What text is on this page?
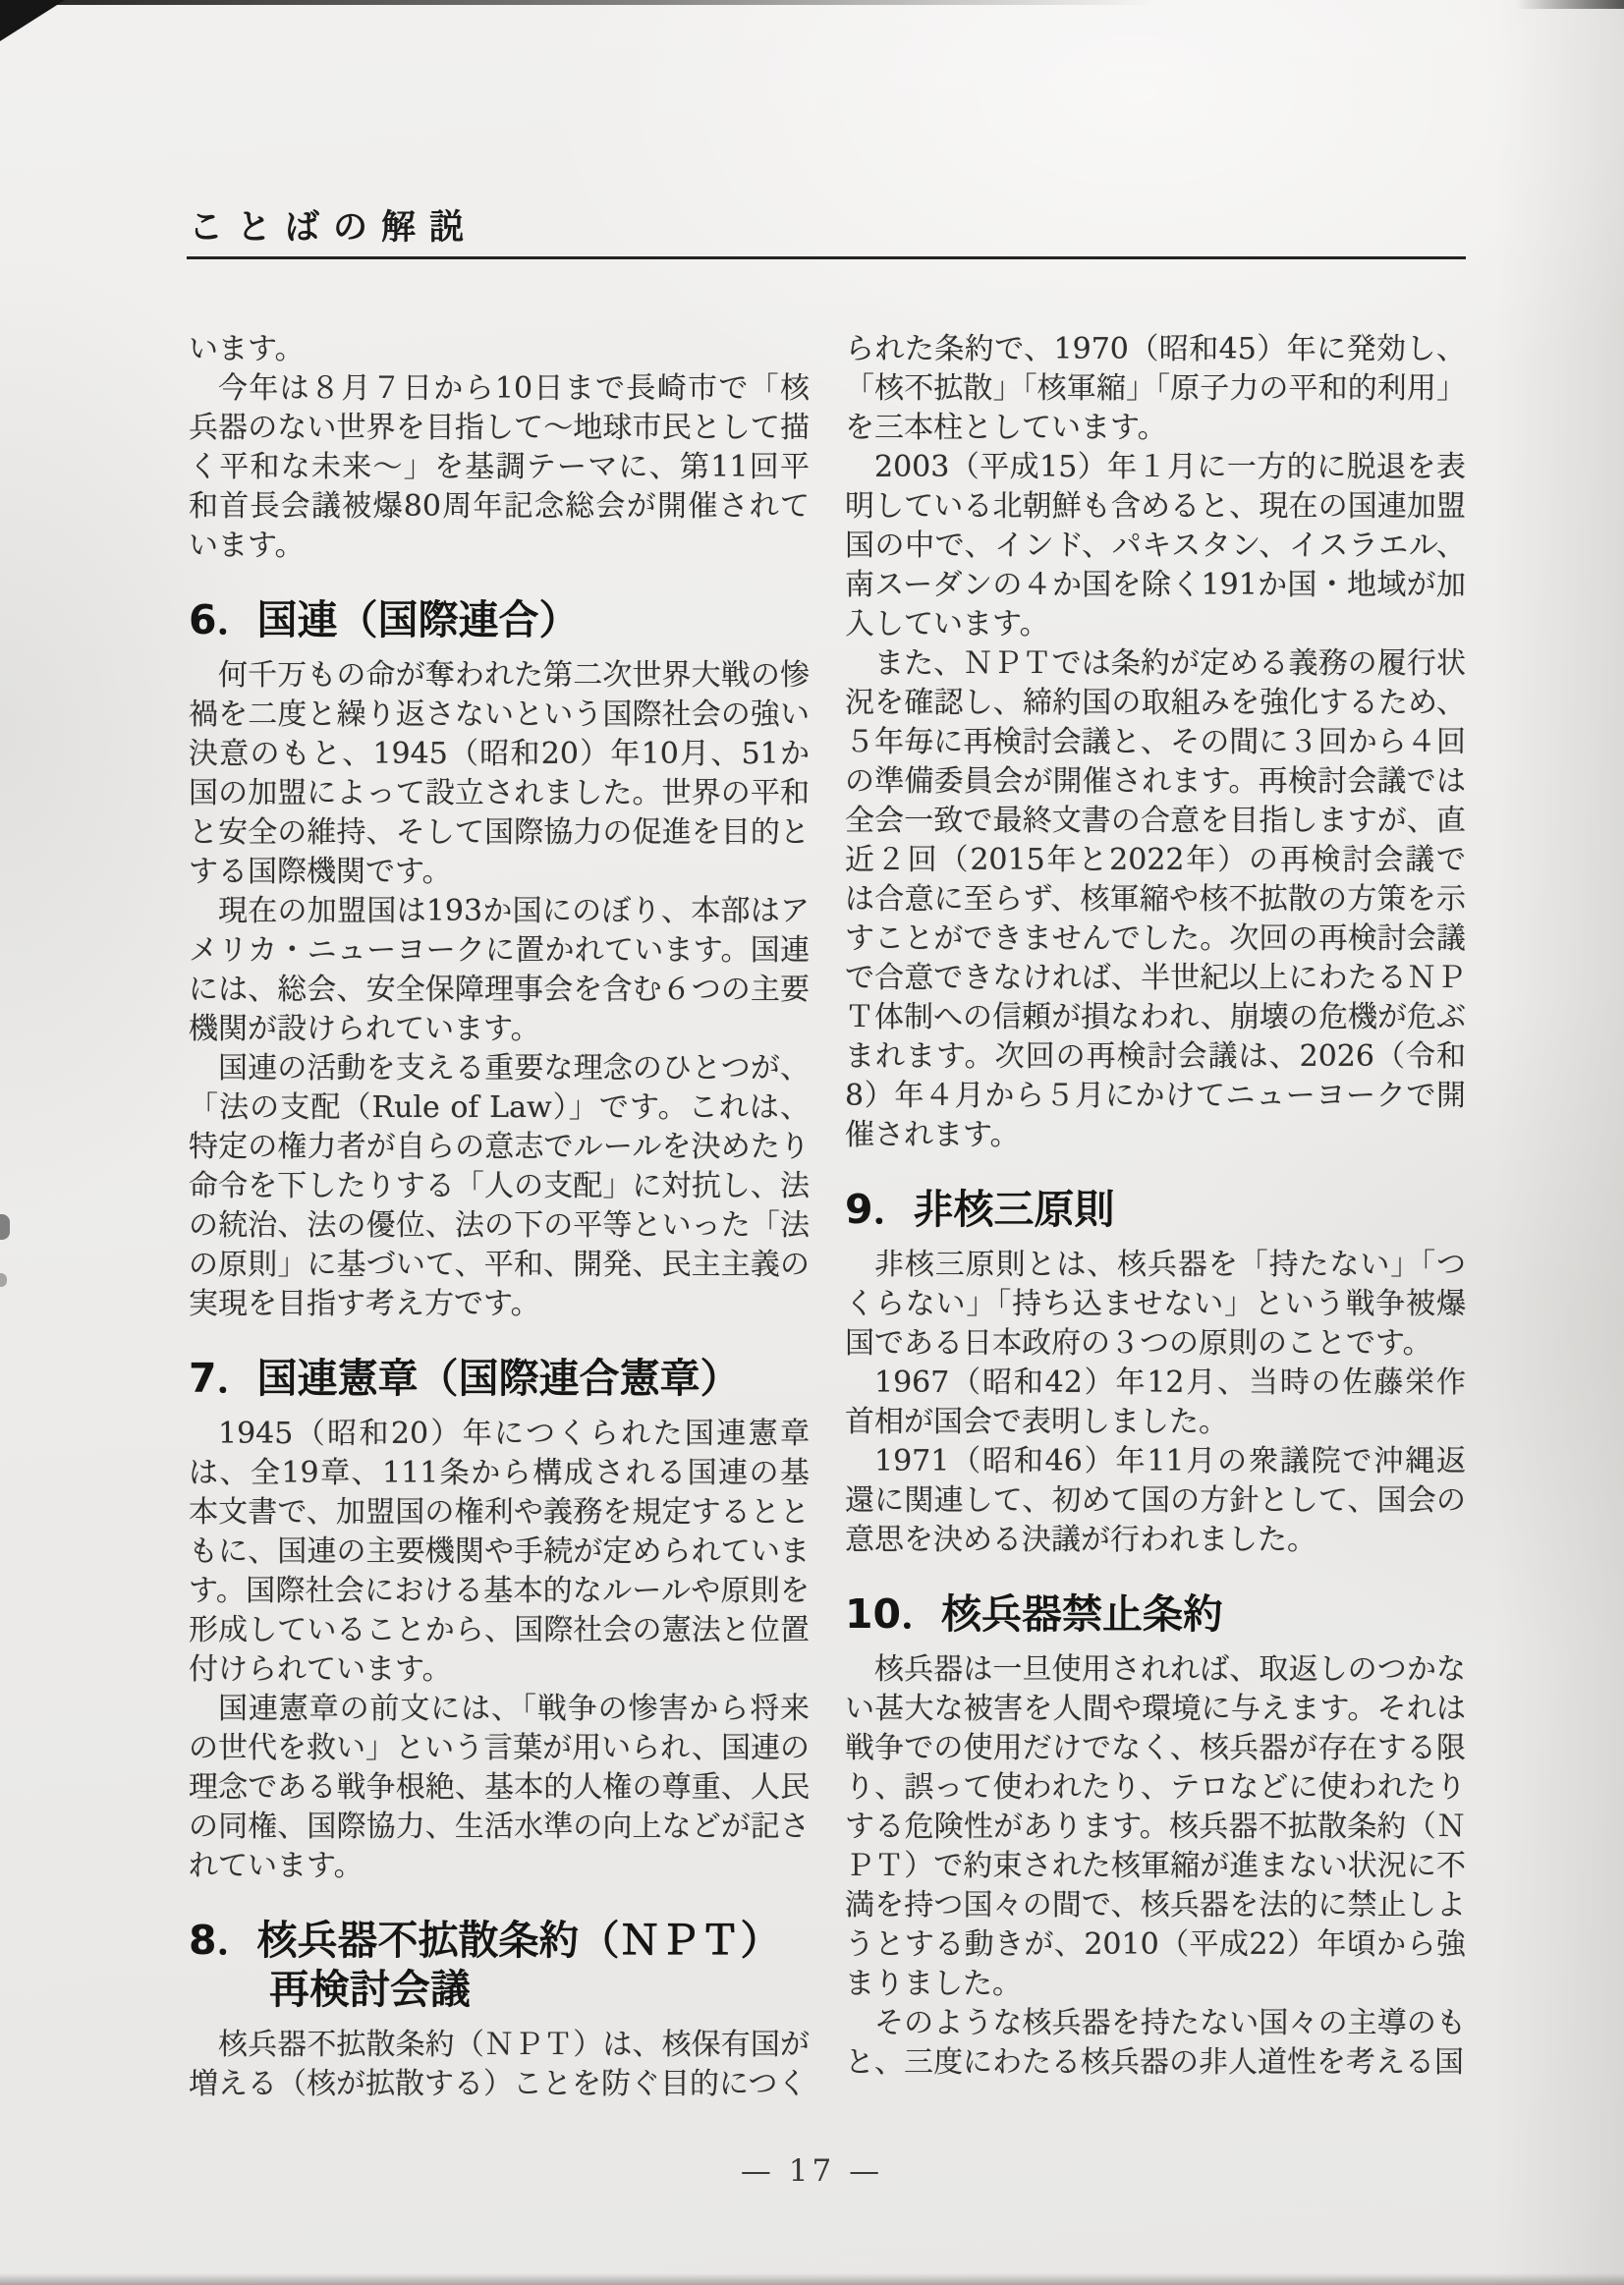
ことばの解説

います。

今年は８月７日から10日まで長崎市で「核兵器のない世界を目指して～地球市民として描く平和な未来～」を基調テーマに、第11回平和首長会議被爆80周年記念総会が開催されています。

6．国連（国際連合）

何千万もの命が奪われた第二次世界大戦の惨禍を二度と繰り返さないという国際社会の強い決意のもと、1945（昭和20）年10月、51か国の加盟によって設立されました。世界の平和と安全の維持、そして国際協力の促進を目的とする国際機関です。

現在の加盟国は193か国にのぼり、本部はアメリカ・ニューヨークに置かれています。国連には、総会、安全保障理事会を含む６つの主要機関が設けられています。

国連の活動を支える重要な理念のひとつが、「法の支配（Rule of Law）」です。これは、特定の権力者が自らの意志でルールを決めたり命令を下したりする「人の支配」に対抗し、法の統治、法の優位、法の下の平等といった「法の原則」に基づいて、平和、開発、民主主義の実現を目指す考え方です。

7．国連憲章（国際連合憲章）

1945（昭和20）年につくられた国連憲章は、全19章、111条から構成される国連の基本文書で、加盟国の権利や義務を規定するとともに、国連の主要機関や手続が定められています。国際社会における基本的なルールや原則を形成していることから、国際社会の憲法と位置付けられています。

国連憲章の前文には、「戦争の惨害から将来の世代を救い」という言葉が用いられ、国連の理念である戦争根絶、基本的人権の尊重、人民の同権、国際協力、生活水準の向上などが記されています。

8．核兵器不拡散条約（ＮＰＴ）再検討会議

核兵器不拡散条約（ＮＰＴ）は、核保有国が増える（核が拡散する）ことを防ぐ目的につく

られた条約で、1970（昭和45）年に発効し、「核不拡散」「核軍縮」「原子力の平和的利用」を三本柱としています。

2003（平成15）年１月に一方的に脱退を表明している北朝鮮も含めると、現在の国連加盟国の中で、インド、パキスタン、イスラエル、南スーダンの４か国を除く191か国・地域が加入しています。

また、ＮＰＴでは条約が定める義務の履行状況を確認し、締約国の取組みを強化するため、５年毎に再検討会議と、その間に３回から４回の準備委員会が開催されます。再検討会議では全会一致で最終文書の合意を目指しますが、直近２回（2015年と2022年）の再検討会議では合意に至らず、核軍縮や核不拡散の方策を示すことができませんでした。次回の再検討会議で合意できなければ、半世紀以上にわたるＮＰＴ体制への信頼が損なわれ、崩壊の危機が危ぶまれます。次回の再検討会議は、2026（令和8）年４月から５月にかけてニューヨークで開催されます。

9．非核三原則

非核三原則とは、核兵器を「持たない」「つくらない」「持ち込ませない」という戦争被爆国である日本政府の３つの原則のことです。

1967（昭和42）年12月、当時の佐藤栄作首相が国会で表明しました。

1971（昭和46）年11月の衆議院で沖縄返還に関連して、初めて国の方針として、国会の意思を決める決議が行われました。

10．核兵器禁止条約

核兵器は一旦使用されれば、取返しのつかない甚大な被害を人間や環境に与えます。それは戦争での使用だけでなく、核兵器が存在する限り、誤って使われたり、テロなどに使われたりする危険性があります。核兵器不拡散条約（ＮＰＴ）で約束された核軍縮が進まない状況に不満を持つ国々の間で、核兵器を法的に禁止しようとする動きが、2010（平成22）年頃から強まりました。

そのような核兵器を持たない国々の主導のもと、三度にわたる核兵器の非人道性を考える国

— 17 —
